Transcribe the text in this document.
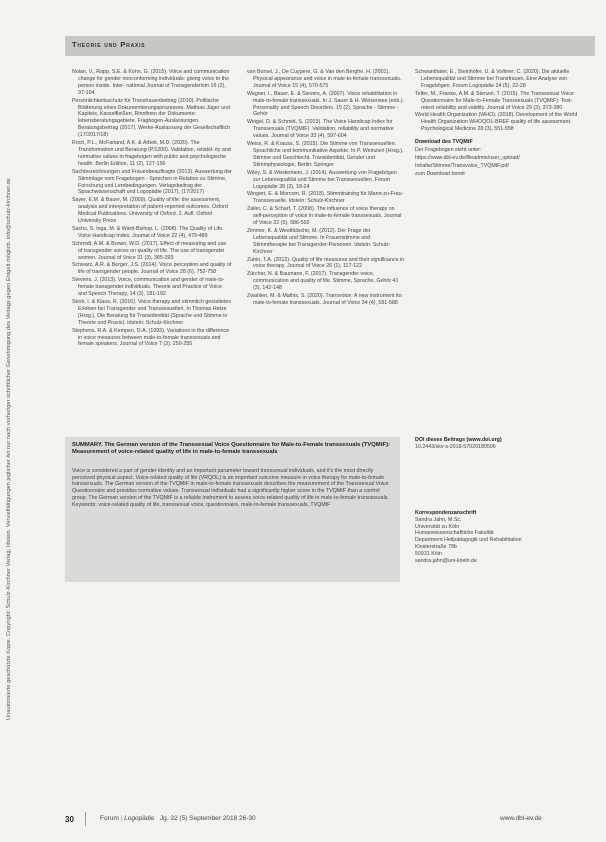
Unautorisierte geschützte Kopie. Copyright: Schulz-Kirchner Verlag, Idstein. Vervielfältigungen jeglicher Art nur nach vorheriger schriftlicher Genehmigung des Verlags gegen Entgelt möglich. info@schulz-kirchner.de
Theorie und Praxis

Nolan, V., Rapp, S.E. & Kohn, G. (2015). Voice and communication change for gender nonconforming individuals: giving voice to the person inside. Inter- national Journal of Transgenderism 16 (2), 97-104

Persönlichkeitsschutz für Transfrauenbeitrag (2010). Politische Blätterung eines Dokumentierungsprozesses. Mathias Jäger und Kapitels, Kasselfleißen, Rinnfinen der Dokumente: lebensberatungsgebiete. Fragbogen-Auslassungen. Beratungsbeitrag (2017). Werke-Auslassung der Gesellschaftlich (17/2017/18)

Roch, P.L., McFarland, A.K. & Arbeit, M.D. (2020). The Transformation und Beratung (P.5200). Validation, reliabil- ity and normative values in fragebogen with public and psychologische health. Berlin Edition, 11 (2), 127-156

Sachbezeichnungen und Frauenbeauftragte (2013). Auswertung der Stimmlage vom Fragebogen - Sprechen in Relation zu Stimme, Forschung und Lernbedingungen. Verlagsbeitrag der Sprachwissenschaft und Logopädie (2017), (17/2017)

Sayer, E.M. & Bauer, M. (2009). Quality of life: the assessment, analysis and interpretation of patient-reported outcomes. Oxford Medical Publications. University of Oxford. 2. Aufl. Oxford University Press

Sachs, S. Inga, M. & Ward-Bishop, L. (2008). The Quality of Life. Voice Handicap Index. Journal of Voice 22 (4), 479-489

Schmidt, A.M. & Brown, W.D. (2017). Effect of measuring and use of transgender voices on quality of life. The use of transgender women. Journal of Voice 31 (3), 385-393

Schwarz, A.R. & Berger, J.S. (2014). Voice perception and quality of life of transgender people. Journal of Voice 28 (6), 752-758

Stevens, J. (2013). Voice, communication and gender of male-to-female transgender individuals. Theorie and Practice of Voice and Speech Therapy, 14 (3), 181-192

Stork, I. & Klaus, R. (2016). Voice therapy and stimmlich gestaltetes Erleben bei Transgender und Transsexuellen. In Thomas Hetze (Hrsg.), Die Beratung für Transidentität (Sprache und Stimme in Theorie und Praxis). Idstein: Schulz-Kirchner

Stephens, R.A. & Kempen, D.A. (1993). Variations in the difference in voice measures between male-to-female transsexuals and female speakers. Journal of Voice 7 (3), 250-255

van Borsel, J., De Cuypere, G. & Van den Berghe, H. (2001). Physical appearance and voice in male-to-female transsexuals. Journal of Voice 15 (4), 570-575

Wagner, I., Bauer, E. & Sievers, A. (2007). Voice rehabilitation in male-to-female transsexuals. In J. Sauer & H. Weisensee (eds.). Personality and Speech Disorders. 15 (2), Sprache - Stimme - Gehör

Weigel, D. & Schmid, S. (2019). The Voice Handicap Index for Transsexuals (TVQMtF). Validation, reliability and normative values. Journal of Voice 33 (4), 597-604

Weiss, R. & Krauss, S. (2015). Die Stimme von Transsexuellen. Sprachliche und kommunikative Aspekte. In P. Weinzierl (Hrsg.), Stimme und Geschlecht. Transidentität, Gender und Stimmphysiologie, Berlin: Springer

Wiley, S. & Wiedemann, J. (2014). Auswertung von Fragebögen zur Lebensqualität und Stimme bei Transsexuellen. Forum Logopädie 28 (2), 18-24

Wingert, E. & Morcom, R. (2018). Stimmtraining für Mann-zu-Frau-Transsexuelle. Idstein: Schulz-Kirchner

Zaller, C. & Scharf, T. (2008). The influence of voice therapy on self-perception of voice in male-to-female transsexuals. Journal of Voice 22 (5), 586-592

Zimmer, K. & Westfälische, M. (2012). Der Frage der Lebensqualität und Stimme. In Frauenstimme und Stimmtherapie bei Transgender-Personen. Idstein: Schulz-Kirchner

Zubin, T.A. (2012). Quality of life measures and their significance in voice therapy. Journal of Voice 26 (1), 117-122

Zürcher, N. & Baumann, F. (2017). Transgender voice, communication and quality of life. Stimme, Sprache, Gehör 41 (3), 142-148

Zwahlen, M. & Mathis, S. (2020). Transvoice: A new instrument for male-to-female transsexuals. Journal of Voice 34 (4), 581-588

Schwanthaler, E., Steinhöfer, U. & Vollmer, C. (2020). Die aktuelle Lebensqualität und Stimme bei Transfrauen. Eine Analyse von Fragebögen. Forum Logopädie 34 (5), 22-28

Telfer, M., Franke, A.M. & Stenzel, T. (2015). The Transsexual Voice Questionnaire for Male-to-Female Transsexuals (TVQMtF): Test-retest reliability and validity. Journal of Voice 29 (3), 373-380

World Health Organization (WHO). (2018). Development of the World Health Organization WHOQOL-BREF quality of life assessment. Psychological Medicine 28 (3), 551-558

Download des TVQMtF

Der Fragebogen steht unter:

https://www.dbl-ev.de/fileadmin/user_upload/

Inhalte/Stimme/Transvoice_TVQMtF.pdf

zum Download bereit

SUMMARY. The German version of the Transsexual Voice Questionnaire for Male-to-Female transsexuals (TVQMtF): Measurement of voice-related quality of life in male-to-female transsexuals
Voice is considered a part of gender identity and an important parameter toward transsexual individuals, and it's the most directly perceived physical aspect. Voice-related quality of life (VRQOL) is an important outcome measure in voice therapy for male-to-female transsexuals. The German version of the TVQMtF in male-to-female transsexuals describes the measurement of the Transsexual Voice Questionnaire and provides normative values. Transsexual individuals had a significantly higher score in the TVQMtF than a control group. The German version of the TVQMtF is a reliable instrument to assess voice-related quality of life in male-to-female transsexuals. Keywords: voice-related quality of life, transsexual voice, questionnaire, male-to-female transsexuals, TVQMtF

DOI dieses Beitrags (www.doi.org)

10.2443/skv-s-2018-57020180506

Korrespondenzanschrift

Sandra Jahn, M.Sc.

Universität zu Köln

Humanwissenschaftliche Fakultät

Department Heilpädagogik und Rehabilitation

Klosterstraße 79b

50931 Köln

sandra.jahn@uni-koeln.de

30	Forum | Logopädie Jg. 32 (5) September 2018 26-30	www.dbl-ev.de
